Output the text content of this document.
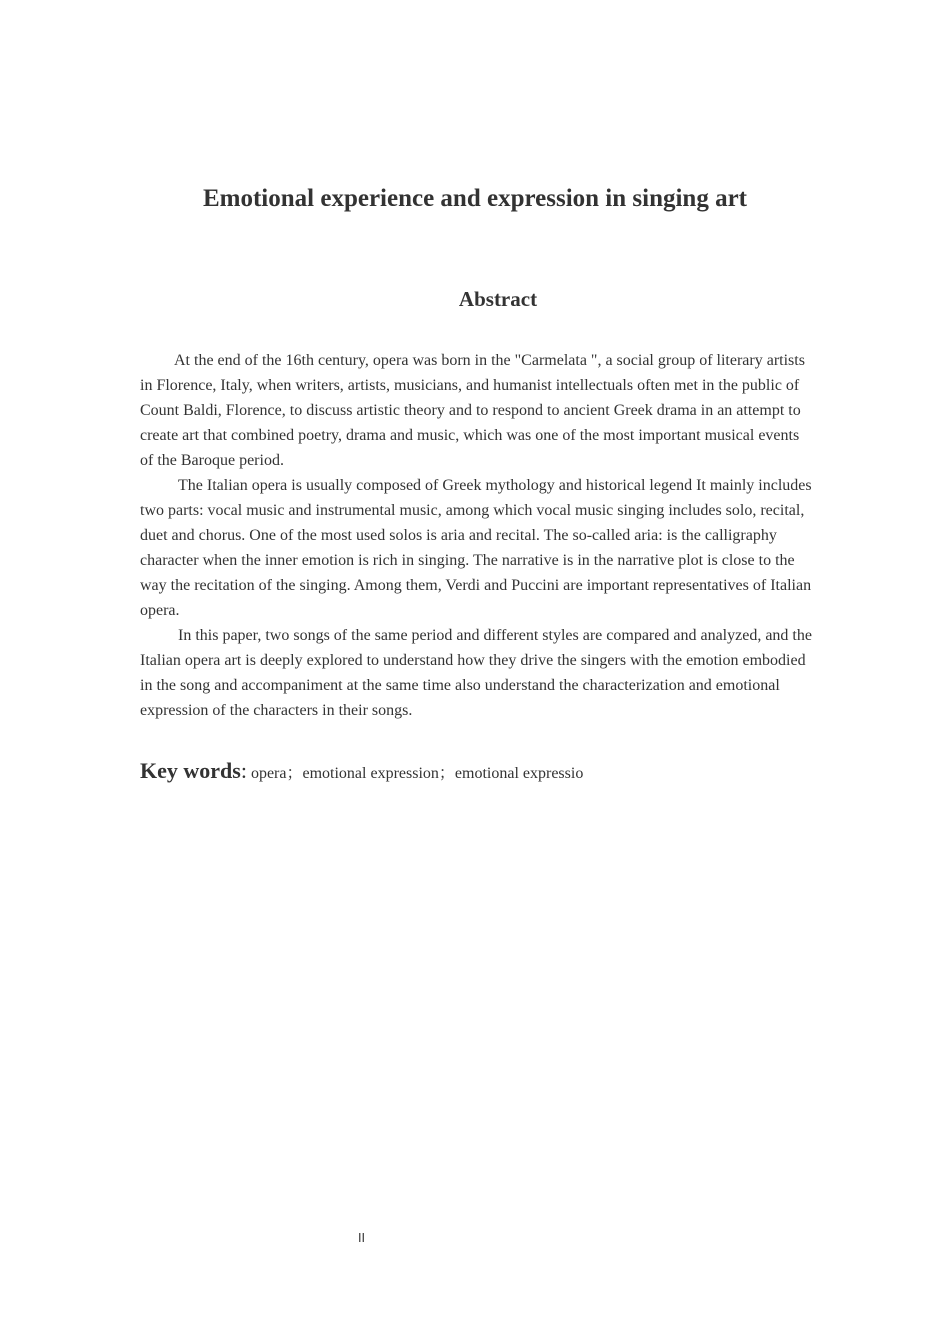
Emotional experience and expression in singing art
Abstract

At the end of the 16th century, opera was born in the "Carmelata ", a social group of literary artists in Florence, Italy, when writers, artists, musicians, and humanist intellectuals often met in the public of Count Baldi, Florence, to discuss artistic theory and to respond to ancient Greek drama in an attempt to create art that combined poetry, drama and music, which was one of the most important musical events of the Baroque period.

The Italian opera is usually composed of Greek mythology and historical legend It mainly includes two parts: vocal music and instrumental music, among which vocal music singing includes solo, recital, duet and chorus. One of the most used solos is aria and recital. The so-called aria: is the calligraphy character when the inner emotion is rich in singing. The narrative is in the narrative plot is close to the way the recitation of the singing. Among them, Verdi and Puccini are important representatives of Italian opera.

In this paper, two songs of the same period and different styles are compared and analyzed, and the Italian opera art is deeply explored to understand how they drive the singers with the emotion embodied in the song and accompaniment at the same time also understand the characterization and emotional expression of the characters in their songs.

Key words: opera；emotional expression；emotional expressio
II
